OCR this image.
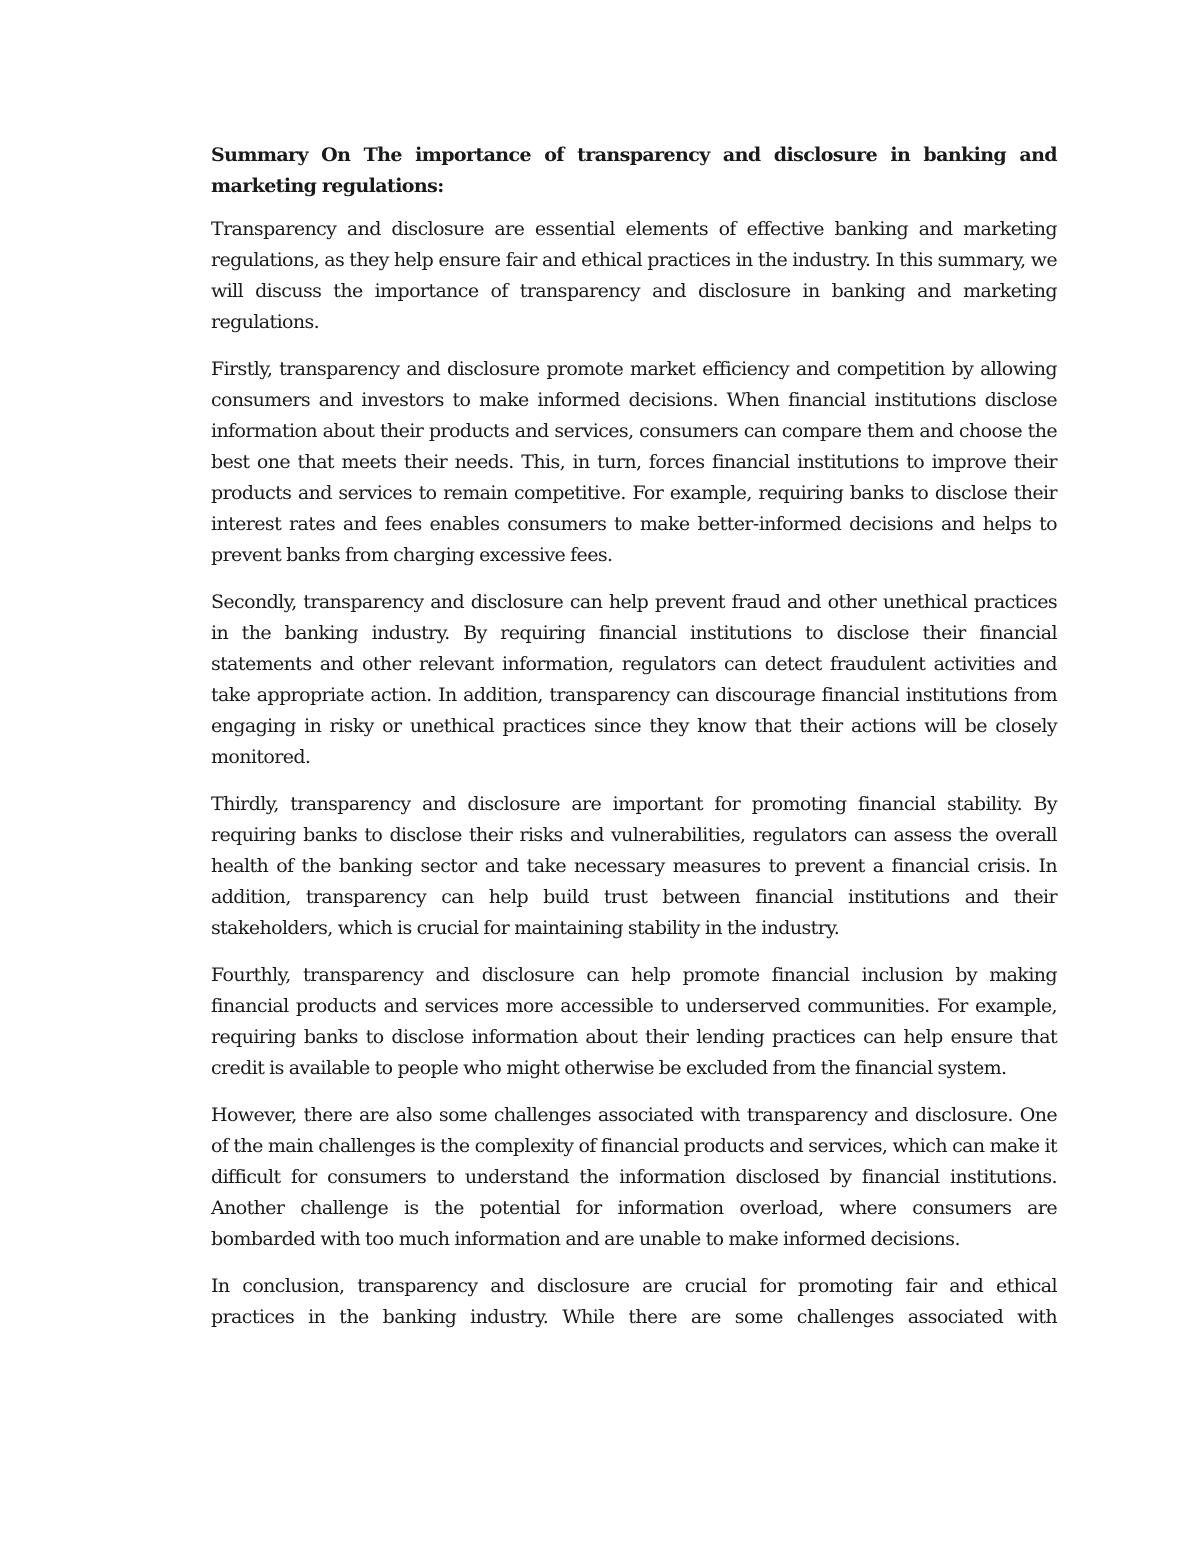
Summary On The importance of transparency and disclosure in banking and marketing regulations:

Transparency and disclosure are essential elements of effective banking and marketing regulations, as they help ensure fair and ethical practices in the industry. In this summary, we will discuss the importance of transparency and disclosure in banking and marketing regulations.

Firstly, transparency and disclosure promote market efficiency and competition by allowing consumers and investors to make informed decisions. When financial institutions disclose information about their products and services, consumers can compare them and choose the best one that meets their needs. This, in turn, forces financial institutions to improve their products and services to remain competitive. For example, requiring banks to disclose their interest rates and fees enables consumers to make better-informed decisions and helps to prevent banks from charging excessive fees.

Secondly, transparency and disclosure can help prevent fraud and other unethical practices in the banking industry. By requiring financial institutions to disclose their financial statements and other relevant information, regulators can detect fraudulent activities and take appropriate action. In addition, transparency can discourage financial institutions from engaging in risky or unethical practices since they know that their actions will be closely monitored.

Thirdly, transparency and disclosure are important for promoting financial stability. By requiring banks to disclose their risks and vulnerabilities, regulators can assess the overall health of the banking sector and take necessary measures to prevent a financial crisis. In addition, transparency can help build trust between financial institutions and their stakeholders, which is crucial for maintaining stability in the industry.

Fourthly, transparency and disclosure can help promote financial inclusion by making financial products and services more accessible to underserved communities. For example, requiring banks to disclose information about their lending practices can help ensure that credit is available to people who might otherwise be excluded from the financial system.

However, there are also some challenges associated with transparency and disclosure. One of the main challenges is the complexity of financial products and services, which can make it difficult for consumers to understand the information disclosed by financial institutions. Another challenge is the potential for information overload, where consumers are bombarded with too much information and are unable to make informed decisions.

In conclusion, transparency and disclosure are crucial for promoting fair and ethical practices in the banking industry. While there are some challenges associated with
